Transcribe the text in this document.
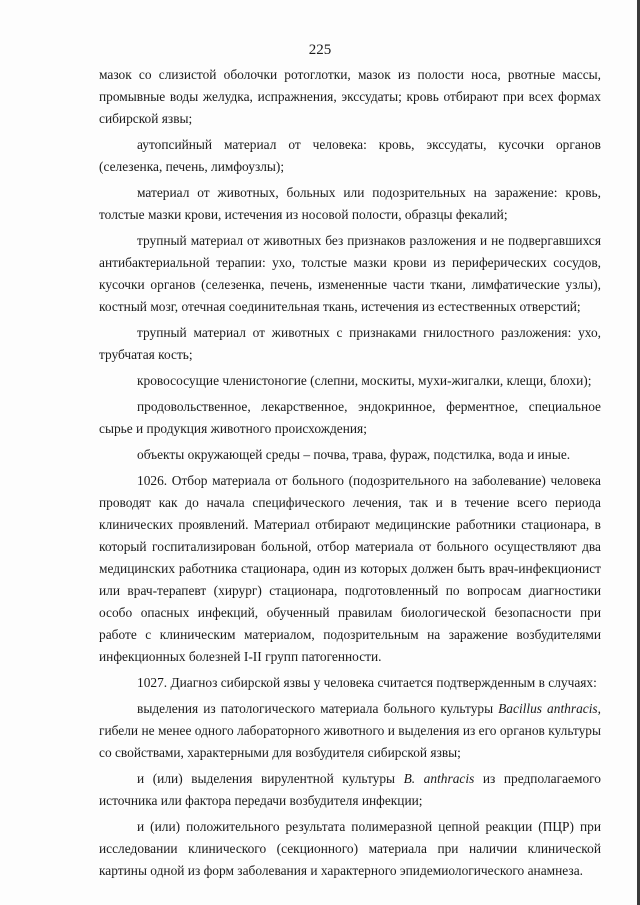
225

мазок со слизистой оболочки ротоглотки, мазок из полости носа, рвотные массы, промывные воды желудка, испражнения, экссудаты; кровь отбирают при всех формах сибирской язвы;

аутопсийный материал от человека: кровь, экссудаты, кусочки органов (селезенка, печень, лимфоузлы);

материал от животных, больных или подозрительных на заражение: кровь, толстые мазки крови, истечения из носовой полости, образцы фекалий;

трупный материал от животных без признаков разложения и не подвергавшихся антибактериальной терапии: ухо, толстые мазки крови из периферических сосудов, кусочки органов (селезенка, печень, измененные части ткани, лимфатические узлы), костный мозг, отечная соединительная ткань, истечения из естественных отверстий;

трупный материал от животных с признаками гнилостного разложения: ухо, трубчатая кость;

кровососущие членистоногие (слепни, москиты, мухи-жигалки, клещи, блохи);

продовольственное, лекарственное, эндокринное, ферментное, специальное сырье и продукция животного происхождения;

объекты окружающей среды – почва, трава, фураж, подстилка, вода и иные.

1026. Отбор материала от больного (подозрительного на заболевание) человека проводят как до начала специфического лечения, так и в течение всего периода клинических проявлений. Материал отбирают медицинские работники стационара, в который госпитализирован больной, отбор материала от больного осуществляют два медицинских работника стационара, один из которых должен быть врач-инфекционист или врач-терапевт (хирург) стационара, подготовленный по вопросам диагностики особо опасных инфекций, обученный правилам биологической безопасности при работе с клиническим материалом, подозрительным на заражение возбудителями инфекционных болезней I-II групп патогенности.

1027. Диагноз сибирской язвы у человека считается подтвержденным в случаях:

выделения из патологического материала больного культуры Bacillus anthracis, гибели не менее одного лабораторного животного и выделения из его органов культуры со свойствами, характерными для возбудителя сибирской язвы;

и (или) выделения вирулентной культуры B. anthracis из предполагаемого источника или фактора передачи возбудителя инфекции;

и (или) положительного результата полимеразной цепной реакции (ПЦР) при исследовании клинического (секционного) материала при наличии клинической картины одной из форм заболевания и характерного эпидемиологического анамнеза.
